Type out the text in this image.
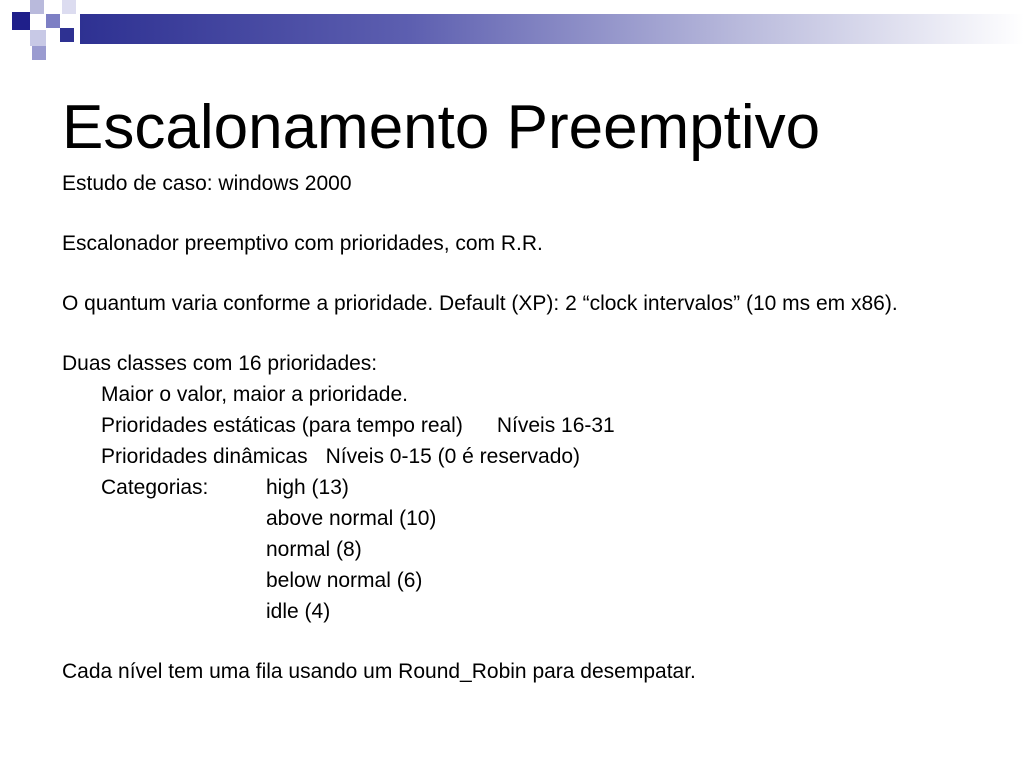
Escalonamento Preemptivo

Estudo de caso: windows 2000

Escalonador preemptivo com prioridades, com R.R.

O quantum varia conforme a prioridade. Default (XP): 2 “clock intervalos” (10 ms em x86).

Duas classes com 16 prioridades:

Maior o valor, maior a prioridade.

Prioridades estáticas (para tempo real) Níveis 16-31

Prioridades dinâmicas Níveis 0-15 (0 é reservado)

Categorias:	high (13)
above normal (10)
normal (8)
below normal (6)
idle (4)

Cada nível tem uma fila usando um Round_Robin para desempatar.
